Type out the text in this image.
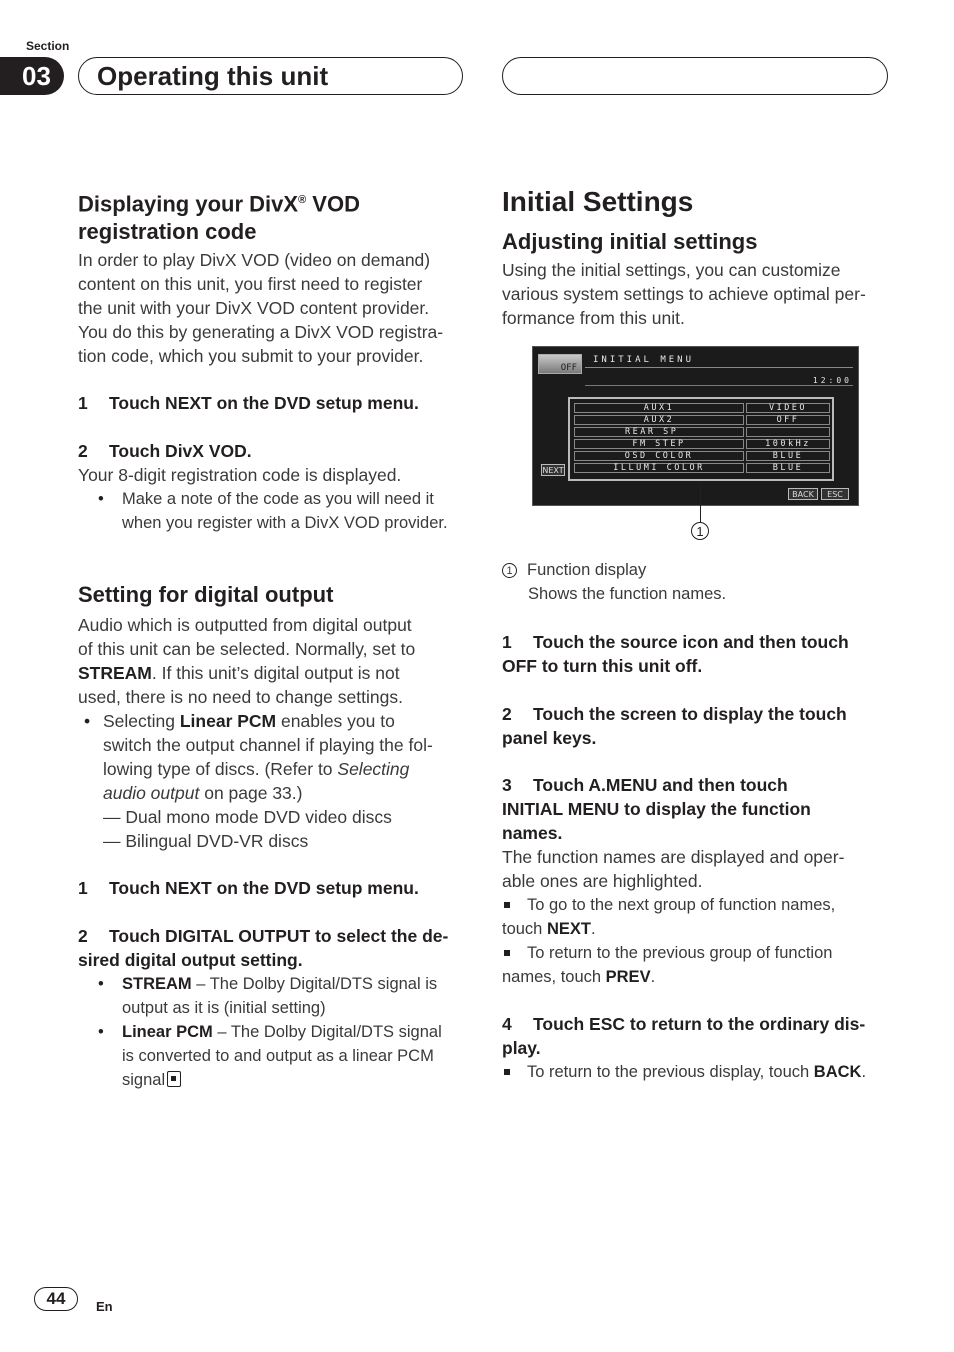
Section
03	Operating this unit
Displaying your DivX® VOD
registration code

In order to play DivX VOD (video on demand)
content on this unit, you first need to register
the unit with your DivX VOD content provider.
You do this by generating a DivX VOD registra-
tion code, which you submit to your provider.

1 Touch NEXT on the DVD setup menu.

2 Touch DivX VOD.

Your 8-digit registration code is displayed.

• Make a note of the code as you will need it
when you register with a DivX VOD provider.

Setting for digital output

Audio which is outputted from digital output
of this unit can be selected. Normally, set to
STREAM. If this unit’s digital output is not
used, there is no need to change settings.

• Selecting Linear PCM enables you to
switch the output channel if playing the fol-
lowing type of discs. (Refer to Selecting
audio output on page 33.)

— Dual mono mode DVD video discs

— Bilingual DVD-VR discs

1 Touch NEXT on the DVD setup menu.

2 Touch DIGITAL OUTPUT to select the de-
sired digital output setting.

• STREAM – The Dolby Digital/DTS signal is
output as it is (initial setting)

• Linear PCM – The Dolby Digital/DTS signal
is converted to and output as a linear PCM
signal

Initial Settings
Adjusting initial settings

Using the initial settings, you can customize
various system settings to achieve optimal per-
formance from this unit.

OFF
INITIAL MENU
12:00
AUX1	VIDEO
AUX2	OFF
REAR SP
FM STEP	100kHz
OSD COLOR	BLUE
ILLUMI COLOR	BLUE
NEXT
BACK	ESC
1

1 Function display

Shows the function names.

1 Touch the source icon and then touch
OFF to turn this unit off.

2 Touch the screen to display the touch
panel keys.

3 Touch A.MENU and then touch
INITIAL MENU to display the function
names.

The function names are displayed and oper-
able ones are highlighted.

To go to the next group of function names,

touch NEXT.

To return to the previous group of function

names, touch PREV.

4 Touch ESC to return to the ordinary dis-
play.

To return to the previous display, touch BACK.

44	En
